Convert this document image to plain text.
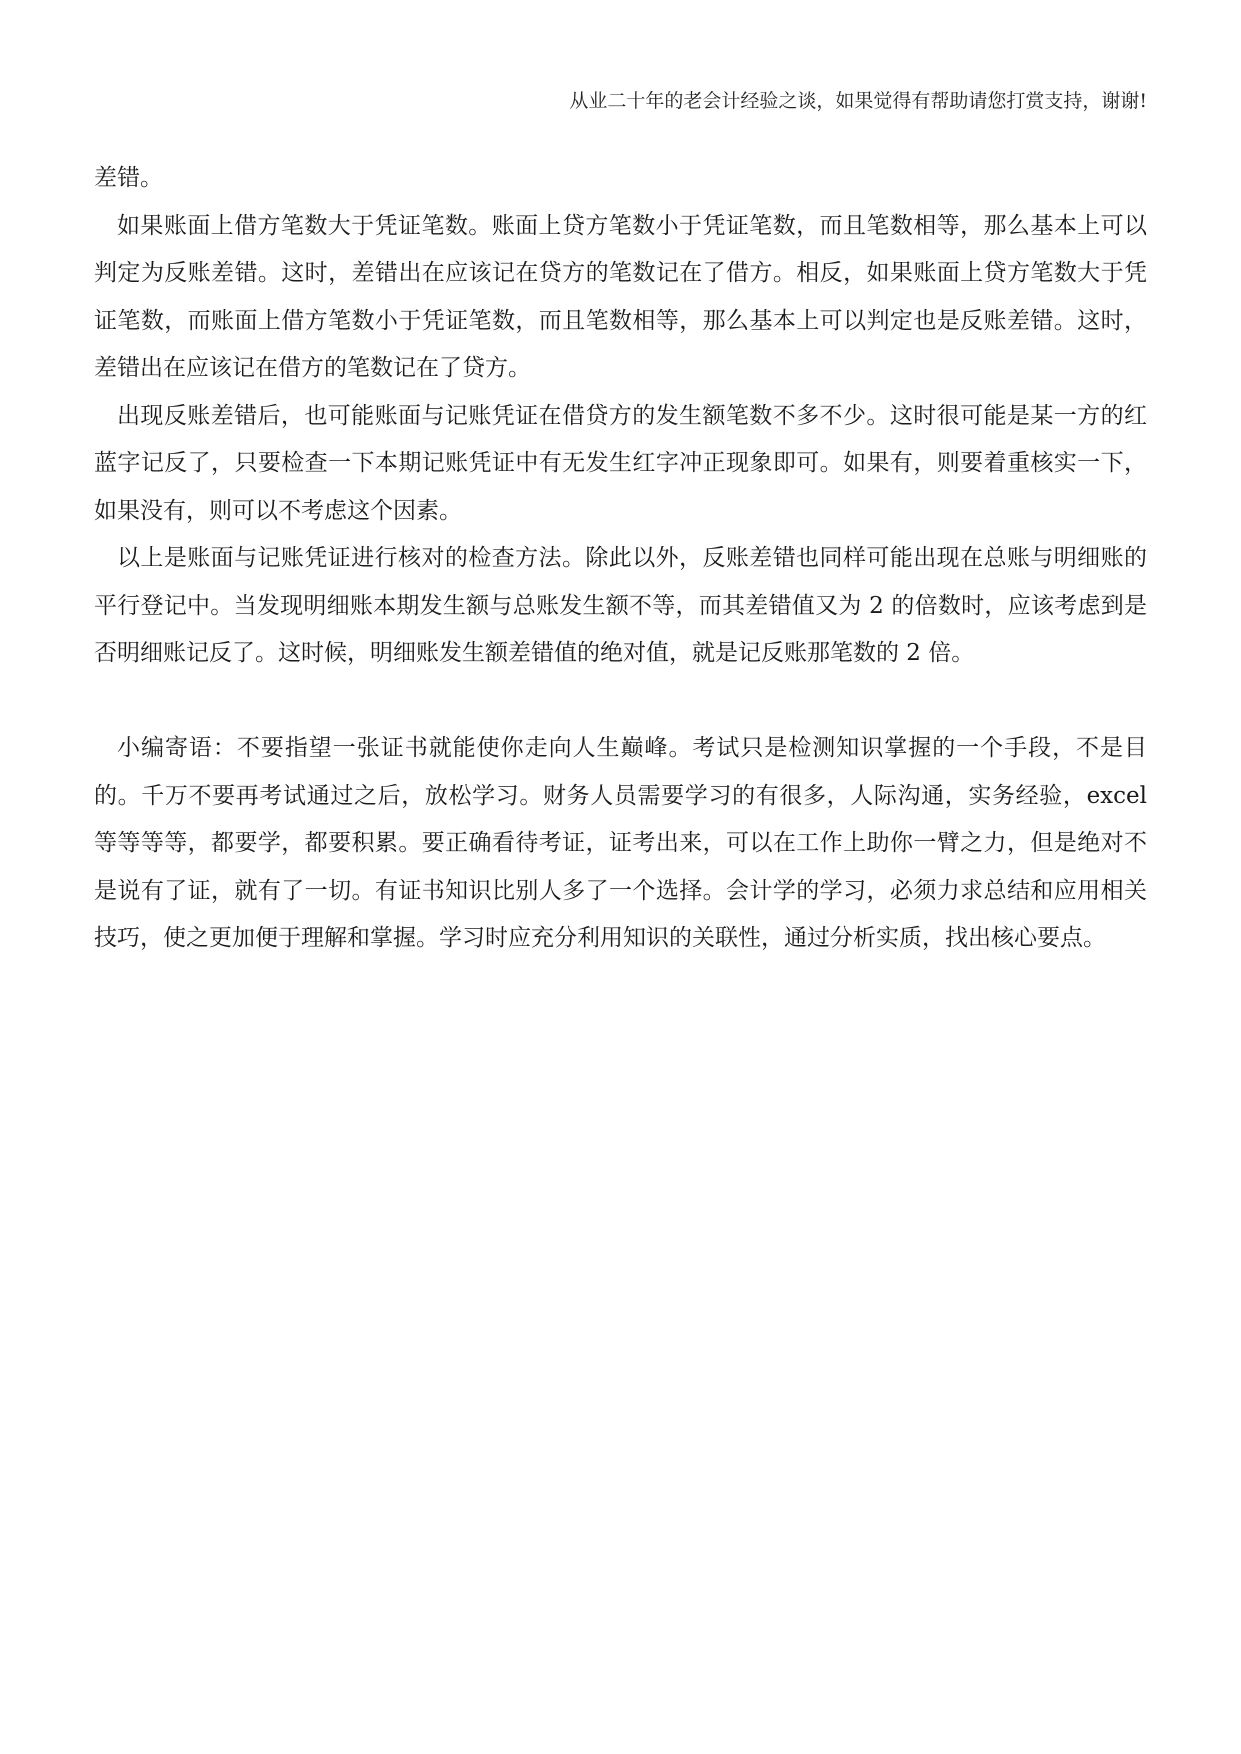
从业二十年的老会计经验之谈，如果觉得有帮助请您打赏支持，谢谢!

差错。

如果账面上借方笔数大于凭证笔数。账面上贷方笔数小于凭证笔数，而且笔数相等，那么基本上可以判定为反账差错。这时，差错出在应该记在贷方的笔数记在了借方。相反，如果账面上贷方笔数大于凭证笔数，而账面上借方笔数小于凭证笔数，而且笔数相等，那么基本上可以判定也是反账差错。这时，差错出在应该记在借方的笔数记在了贷方。

出现反账差错后，也可能账面与记账凭证在借贷方的发生额笔数不多不少。这时很可能是某一方的红蓝字记反了，只要检查一下本期记账凭证中有无发生红字冲正现象即可。如果有，则要着重核实一下，如果没有，则可以不考虑这个因素。

以上是账面与记账凭证进行核对的检查方法。除此以外，反账差错也同样可能出现在总账与明细账的平行登记中。当发现明细账本期发生额与总账发生额不等，而其差错值又为 2 的倍数时，应该考虑到是否明细账记反了。这时候，明细账发生额差错值的绝对值，就是记反账那笔数的 2 倍。

小编寄语：不要指望一张证书就能使你走向人生巅峰。考试只是检测知识掌握的一个手段，不是目的。千万不要再考试通过之后，放松学习。财务人员需要学习的有很多，人际沟通，实务经验，excel 等等等等，都要学，都要积累。要正确看待考证，证考出来，可以在工作上助你一臂之力，但是绝对不是说有了证，就有了一切。有证书知识比别人多了一个选择。会计学的学习，必须力求总结和应用相关技巧，使之更加便于理解和掌握。学习时应充分利用知识的关联性，通过分析实质，找出核心要点。
